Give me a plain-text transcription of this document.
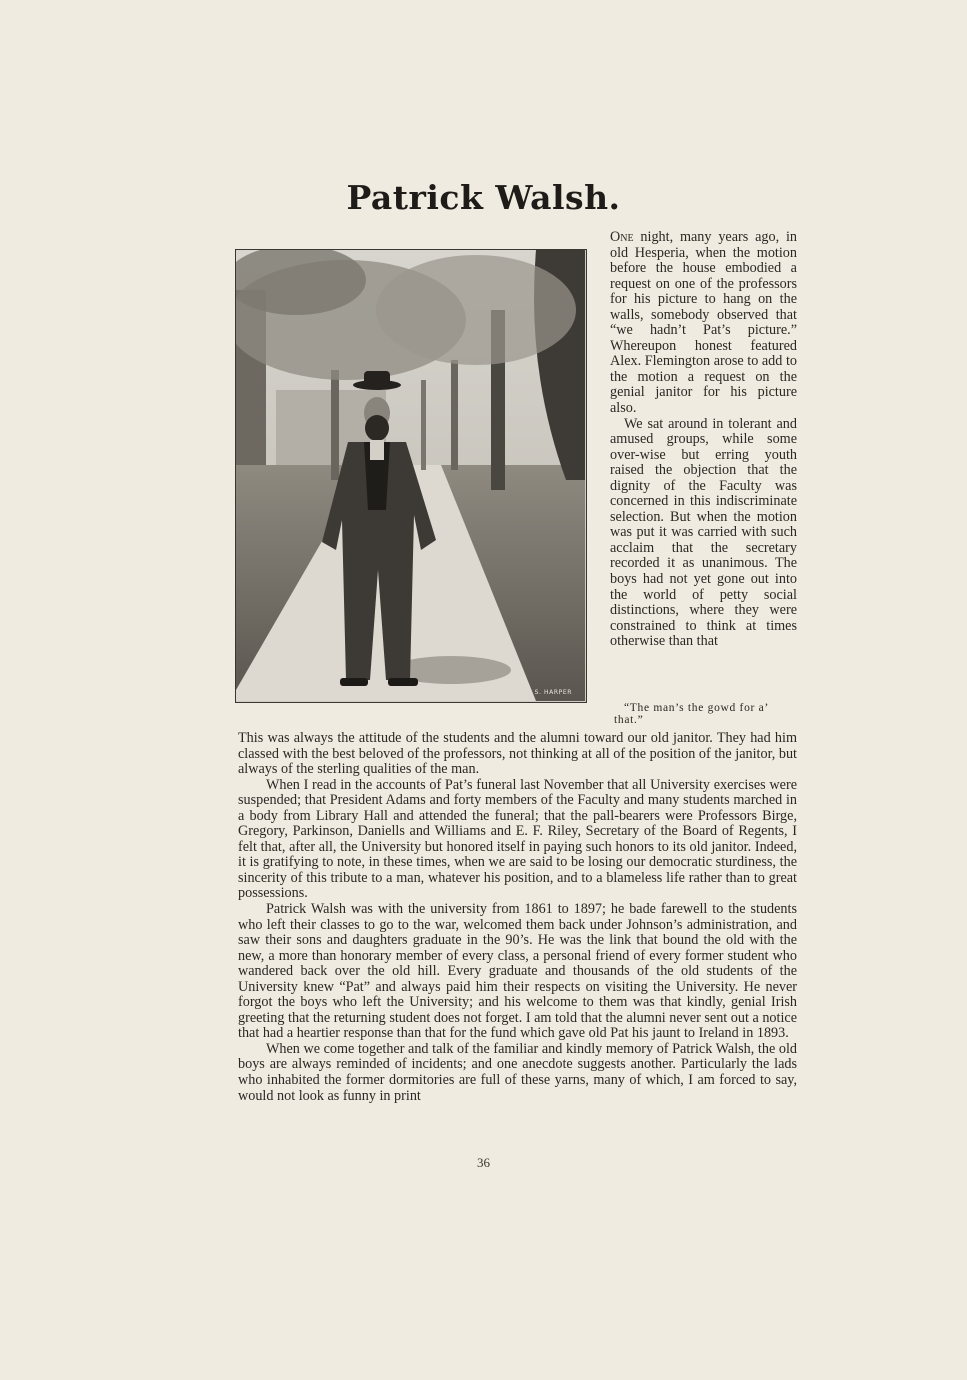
Patrick Walsh.
S. HARPER

One night, many years ago, in old Hesperia, when the motion before the house embodied a request on one of the professors for his picture to hang on the walls, somebody observed that “we hadn’t Pat’s picture.” Whereupon honest featured Alex. Flemington arose to add to the motion a request on the genial janitor for his picture also.

We sat around in tolerant and amused groups, while some over-wise but erring youth raised the objection that the dignity of the Faculty was concerned in this indiscriminate selection. But when the motion was put it was carried with such acclaim that the secretary recorded it as unanimous. The boys had not yet gone out into the world of petty social distinctions, where they were constrained to think at times otherwise than that

“The man’s the gowd for a’ that.”

This was always the attitude of the students and the alumni toward our old janitor. They had him classed with the best beloved of the professors, not thinking at all of the position of the janitor, but always of the sterling qualities of the man.

When I read in the accounts of Pat’s funeral last November that all University exercises were suspended; that President Adams and forty members of the Faculty and many students marched in a body from Library Hall and attended the funeral; that the pall-bearers were Professors Birge, Gregory, Parkinson, Daniells and Williams and E. F. Riley, Secretary of the Board of Regents, I felt that, after all, the University but honored itself in paying such honors to its old janitor. Indeed, it is gratifying to note, in these times, when we are said to be losing our democratic sturdiness, the sincerity of this tribute to a man, whatever his position, and to a blameless life rather than to great possessions.

Patrick Walsh was with the university from 1861 to 1897; he bade farewell to the students who left their classes to go to the war, welcomed them back under Johnson’s administration, and saw their sons and daughters graduate in the 90’s. He was the link that bound the old with the new, a more than honorary member of every class, a personal friend of every former student who wandered back over the old hill. Every graduate and thousands of the old students of the University knew “Pat” and always paid him their respects on visiting the University. He never forgot the boys who left the University; and his welcome to them was that kindly, genial Irish greeting that the returning student does not forget. I am told that the alumni never sent out a notice that had a heartier response than that for the fund which gave old Pat his jaunt to Ireland in 1893.

When we come together and talk of the familiar and kindly memory of Patrick Walsh, the old boys are always reminded of incidents; and one anecdote suggests another. Particularly the lads who inhabited the former dormitories are full of these yarns, many of which, I am forced to say, would not look as funny in print

36
